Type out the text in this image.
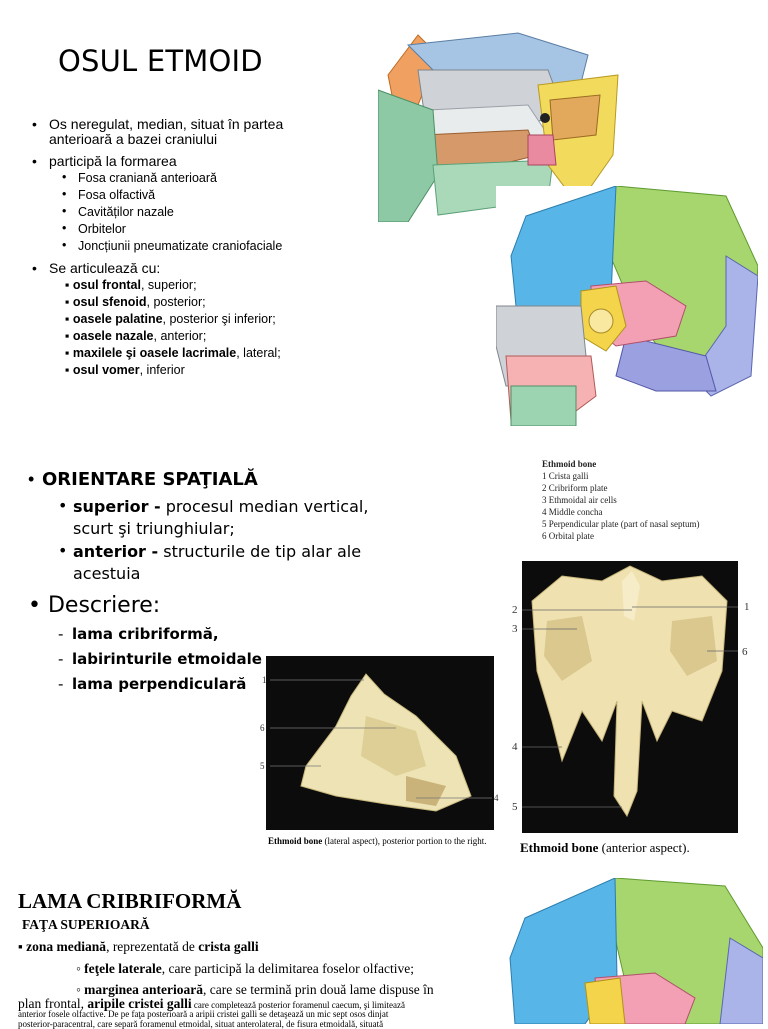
OSUL ETMOID
• Os neregulat, median, situat în partea
anterioară a bazei craniului
• participă la formarea
• Fosa craniană anterioară
• Fosa olfactivă
• Cavităților nazale
• Orbitelor
• Joncțiunii pneumatizate craniofaciale
• Se articulează cu:
▪ osul frontal, superior;
▪ osul sfenoid, posterior;
▪ oasele palatine, posterior şi inferior;
▪ oasele nazale, anterior;
▪ maxilele şi oasele lacrimale, lateral;
▪ osul vomer, inferior
• ORIENTARE SPAŢIALĂ
• superior - procesul median vertical, scurt şi triunghiular;
• anterior - structurile de tip alar ale acestuia
• Descriere:
- lama cribriformă,
- labirinturile etmoidale
- lama perpendiculară
Ethmoid bone
1 Crista galli
2 Cribriform plate
3 Ethmoidal air cells
4 Middle concha
5 Perpendicular plate (part of nasal septum)
6 Orbital plate
1
6
5
4
Ethmoid bone (lateral aspect), posterior portion to the right.
2
3
4
5
1
6
Ethmoid bone (anterior aspect).
LAMA CRIBRIFORMĂ
FAŢA SUPERIOARĂ
▪ zona mediană, reprezentată de crista galli
◦ feţele laterale, care participă la delimitarea foselor olfactive;
◦ marginea anterioară, care se termină prin două lame dispuse în
plan frontal, aripile cristei galli care completează posterior foramenul caecum, şi limitează
anterior fosele olfactive. De pe faţa posterioară a aripii cristei galli se detaşează un mic sept osos dinjat
posterior-paracentral, care separă foramenul etmoidal, situat anterolateral, de fisura etmoidală, situată
